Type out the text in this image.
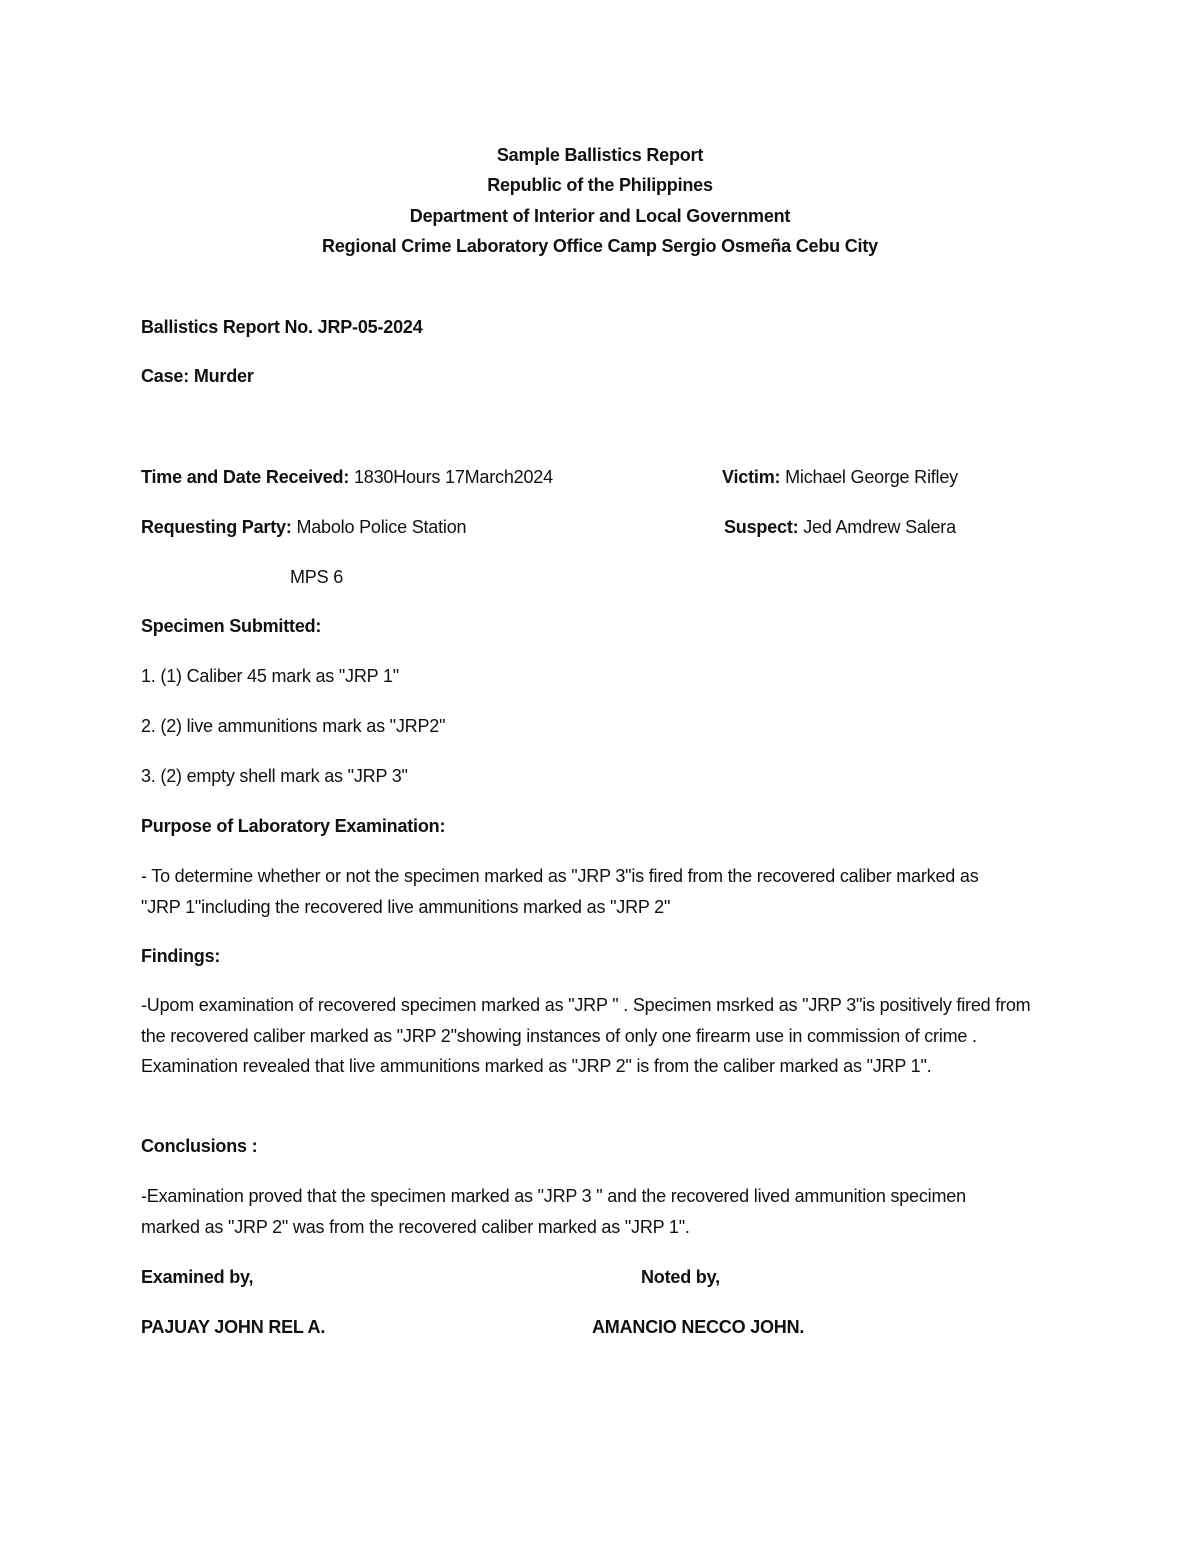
Sample Ballistics Report
Republic of the Philippines
Department of Interior and Local Government
Regional Crime Laboratory Office Camp Sergio Osmeña Cebu City
Ballistics Report No. JRP-05-2024
Case: Murder
Time and Date Received: 1830Hours 17March2024	Victim: Michael George Rifley
Requesting Party: Mabolo Police Station	Suspect: Jed Amdrew Salera
MPS 6
Specimen Submitted:
1. (1) Caliber 45 mark as "JRP 1"
2. (2) live ammunitions mark as "JRP2"
3. (2) empty shell mark as "JRP 3"
Purpose of Laboratory Examination:
- To determine whether or not the specimen marked as "JRP 3"is fired from the recovered caliber marked as "JRP 1"including the recovered live ammunitions marked as "JRP 2"
Findings:
-Upom examination of recovered specimen marked as "JRP " . Specimen msrked as "JRP 3"is positively fired from the recovered caliber marked as "JRP 2"showing instances of only one firearm use in commission of crime . Examination revealed that live ammunitions marked as "JRP 2" is from the caliber marked as "JRP 1".
Conclusions :
-Examination proved that the specimen marked as "JRP 3 " and the recovered lived ammunition specimen marked as "JRP 2" was from the recovered caliber marked as "JRP 1".
Examined by,	Noted by,
PAJUAY JOHN REL A.	AMANCIO NECCO JOHN.
